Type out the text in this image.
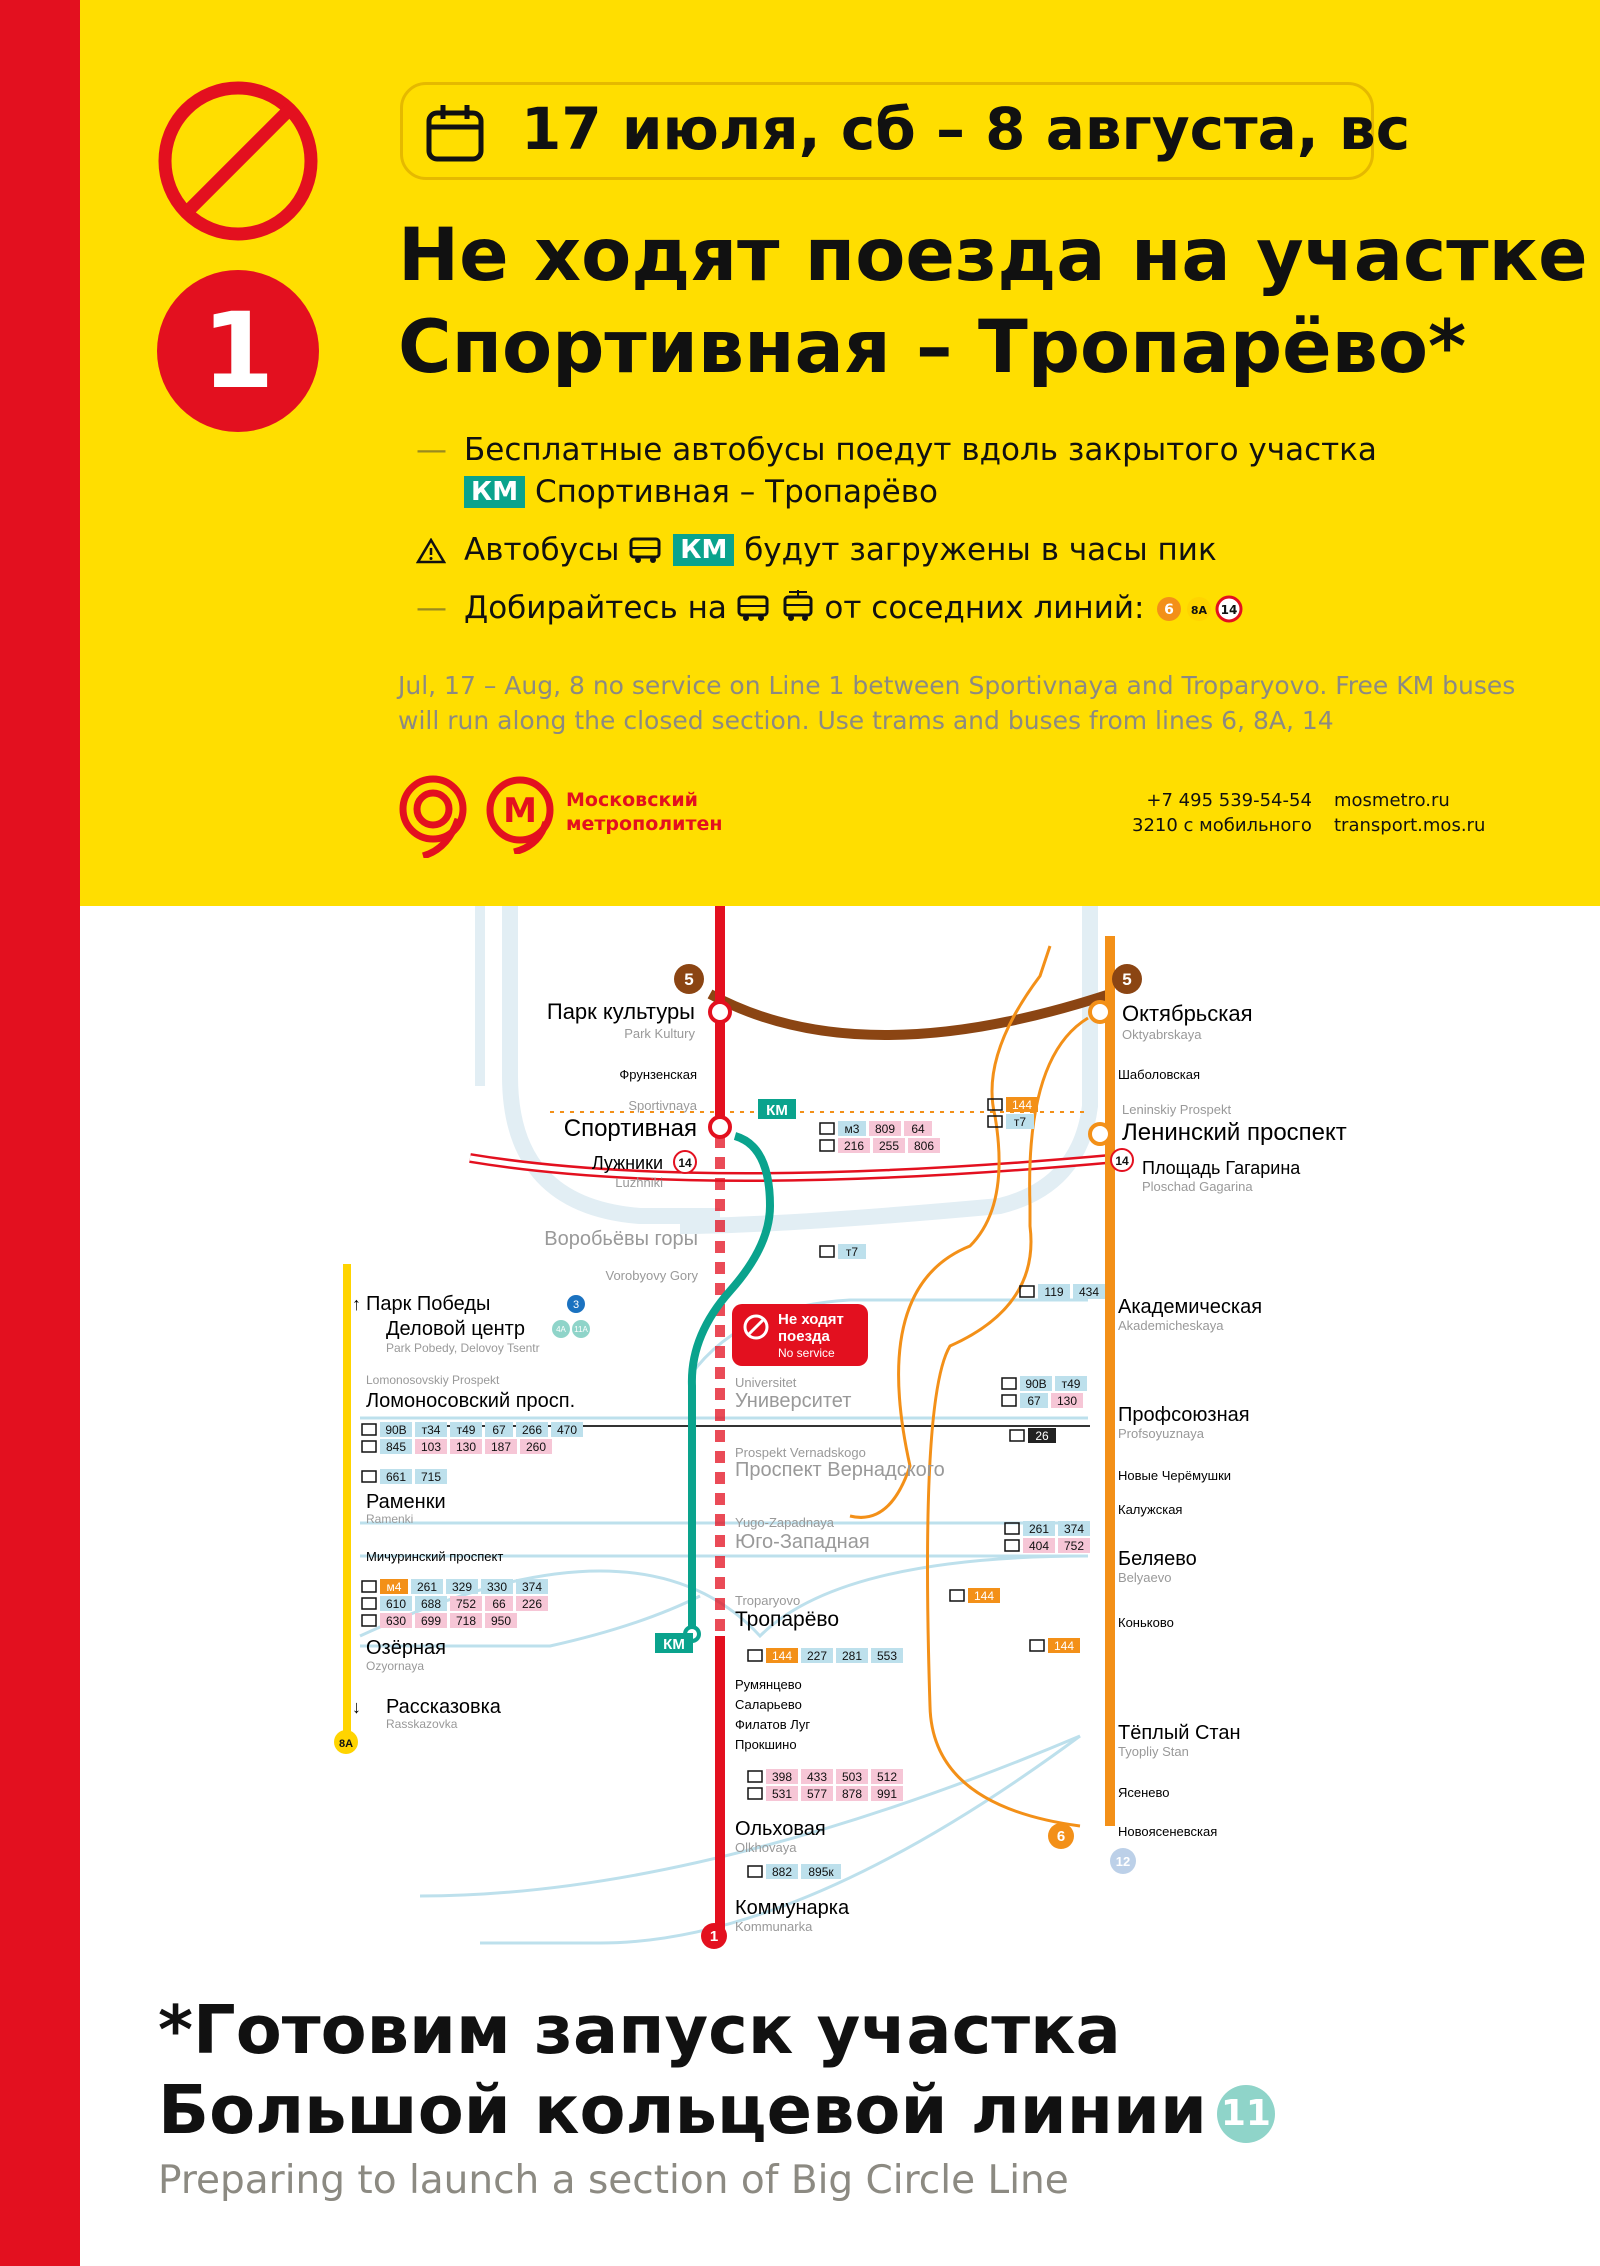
1
17 июля, сб – 8 августа, вс
Не ходят поезда на участке
Спортивная – Тропарёво*
— Бесплатные автобусы поедут вдоль закрытого участка
КМ Спортивная – Тропарёво
Автобусы КМ будут загружены в часы пик
— Добирайтесь на	от соседних линий: 6 8А 14
Jul, 17 – Aug, 8 no service on Line 1 between Sportivnaya and Troparyovo. Free KM buses will run along the closed section. Use trams and buses from lines 6, 8A, 14
M Московский
метрополитен
+7 495 539-54-54
3210 с мобильного
mosmetro.ru
transport.mos.ru
5	5
1
6
12
14	14
8А
3
4А 11А
Парк культуры
Park Kultury
Фрунзенская
Sportivnaya
Спортивная
Лужники
Luzhniki
Воробьёвы горы
Vorobyovy Gory
Universitet
Университет
Prospekt Vernadskogo
Проспект Вернадского
Yugo-Zapadnaya
Юго-Западная
Troparyovo
Тропарёво
Румянцево
Саларьево
Филатов Луг
Прокшино
Ольховая
Olkhovaya
Коммунарка
Kommunarka
Октябрьская
Oktyabrskaya
Шаболовская
Leninskiy Prospekt
Ленинский проспект
Площадь Гагарина
Ploschad Gagarina
Академическая
Akademicheskaya
Профсоюзная
Profsoyuznaya
Новые Черёмушки
Калужская
Беляево
Belyaevo
Коньково
Тёплый Стан
Tyopliy Stan
Ясенево
Новоясеневская
Парк Победы
Деловой центр
Park Pobedy, Delovoy Tsentr
Lomonosovskiy Prospekt
Ломоносовский просп.
Раменки
Ramenki
Мичуринский проспект
Озёрная
Ozyornaya
Рассказовка
Rasskazovka
↑
↓
Не ходят
поезда
No service
КМ
КМ
м3 809 64
216 255 806
144
т7
т7
119 434
90В т49
67 130
26
90В т34 т49 67 266 470
845 103 130 187 260
661 715
261 374
404 752
м4 261 329 330 374
610 688 752 66 226
630 699 718 950
144
144 227 281 553
144
398 433 503 512
531 577 878 991
882 895к
*Готовим запуск участка
Большой кольцевой линии 11
Preparing to launch a section of Big Circle Line
